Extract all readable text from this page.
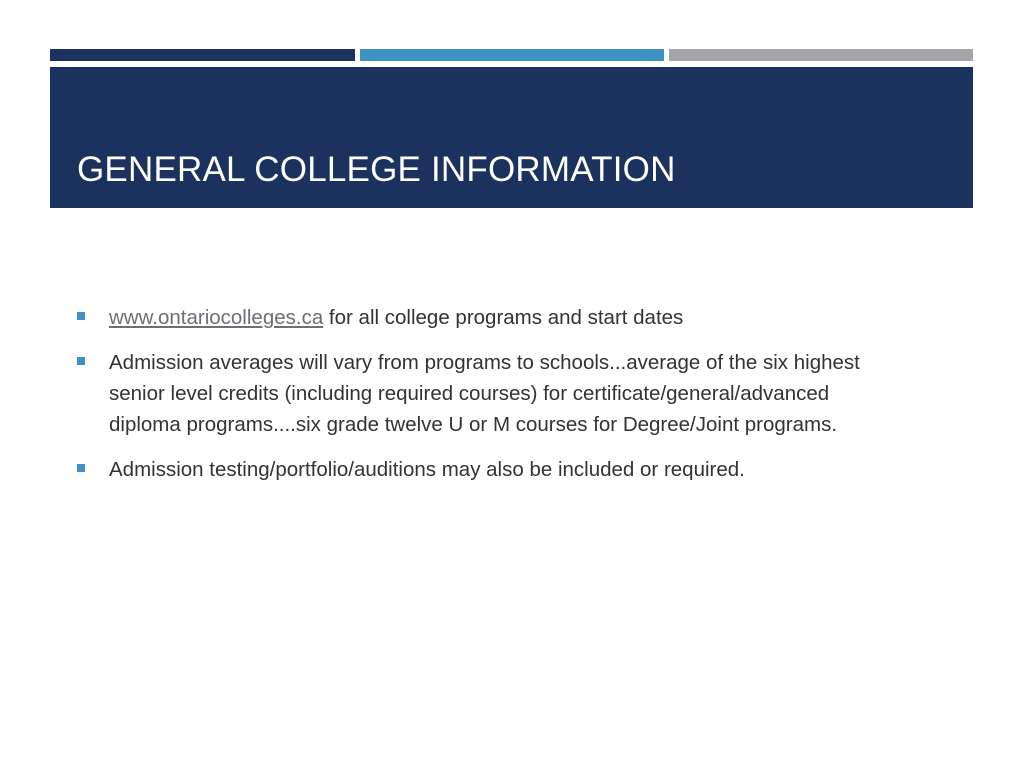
GENERAL COLLEGE INFORMATION
www.ontariocolleges.ca for all college programs and start dates
Admission averages will vary from programs to schools...average of the six highest senior level credits (including required courses) for certificate/general/advanced diploma programs....six grade twelve U or M courses for Degree/Joint programs.
Admission testing/portfolio/auditions may also be included or required.
